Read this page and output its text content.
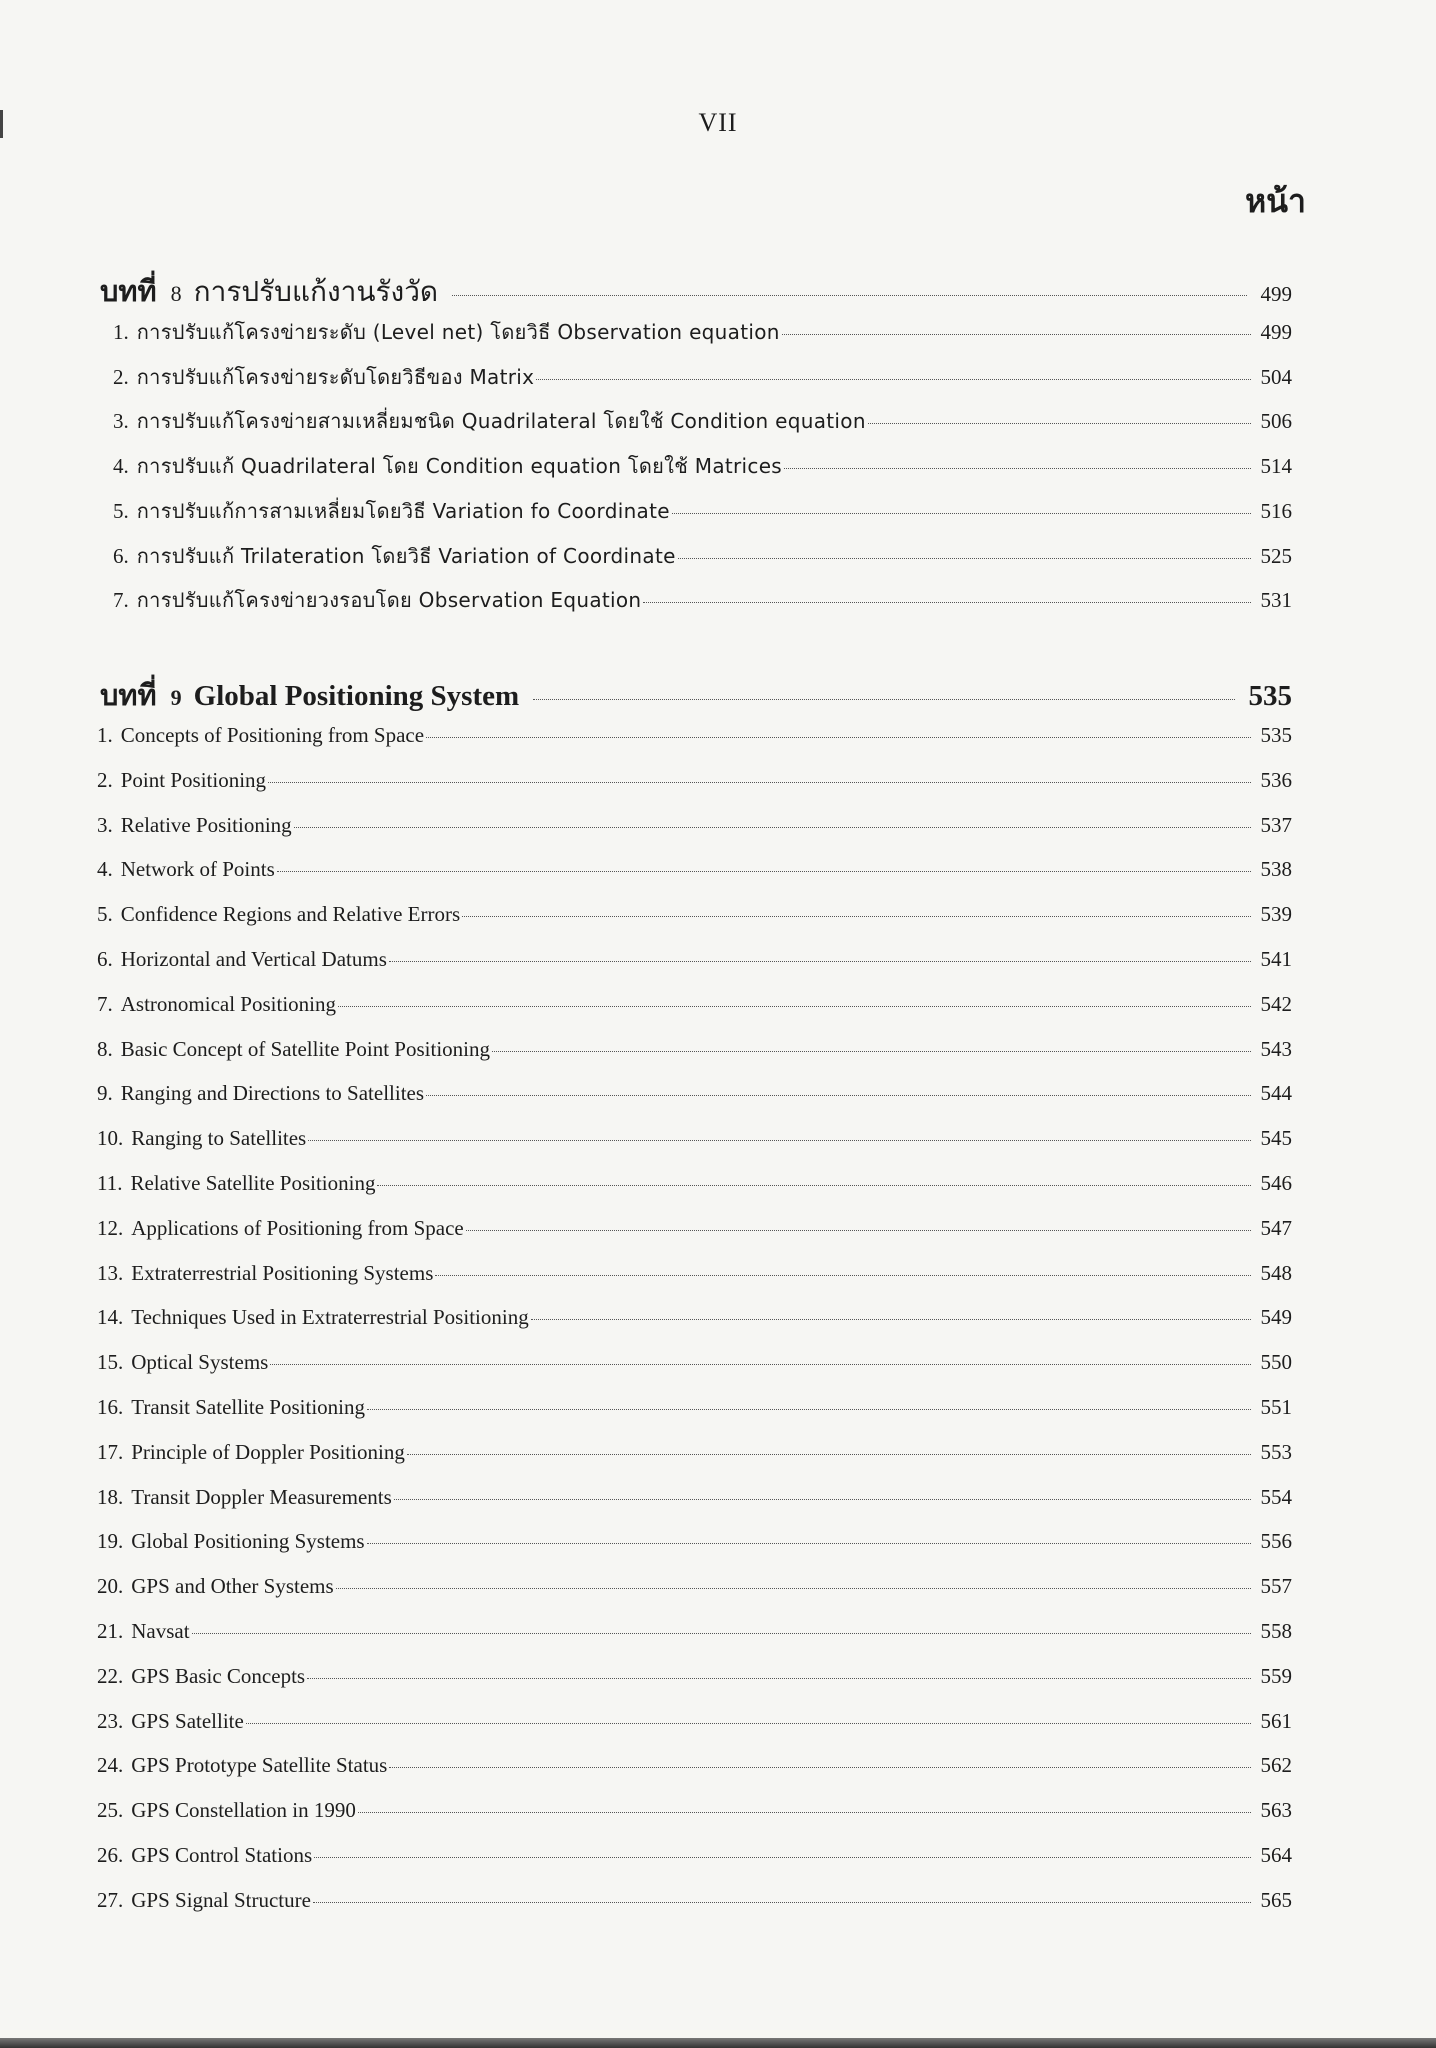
VII
หน้า
บทที่ 8 การปรับแก้งานรังวัด	499
1. การปรับแก้โครงข่ายระดับ (Level net) โดยวิธี Observation equation	499
2. การปรับแก้โครงข่ายระดับโดยวิธีของ Matrix	504
3. การปรับแก้โครงข่ายสามเหลี่ยมชนิด Quadrilateral โดยใช้ Condition equation	506
4. การปรับแก้ Quadrilateral โดย Condition equation โดยใช้ Matrices	514
5. การปรับแก้การสามเหลี่ยมโดยวิธี Variation fo Coordinate	516
6. การปรับแก้ Trilateration โดยวิธี Variation of Coordinate	525
7. การปรับแก้โครงข่ายวงรอบโดย Observation Equation	531
บทที่ 9 Global Positioning System	535
1. Concepts of Positioning from Space	535
2. Point Positioning	536
3. Relative Positioning	537
4. Network of Points	538
5. Confidence Regions and Relative Errors	539
6. Horizontal and Vertical Datums	541
7. Astronomical Positioning	542
8. Basic Concept of Satellite Point Positioning	543
9. Ranging and Directions to Satellites	544
10. Ranging to Satellites	545
11. Relative Satellite Positioning	546
12. Applications of Positioning from Space	547
13. Extraterrestrial Positioning Systems	548
14. Techniques Used in Extraterrestrial Positioning	549
15. Optical Systems	550
16. Transit Satellite Positioning	551
17. Principle of Doppler Positioning	553
18. Transit Doppler Measurements	554
19. Global Positioning Systems	556
20. GPS and Other Systems	557
21. Navsat	558
22. GPS Basic Concepts	559
23. GPS Satellite	561
24. GPS Prototype Satellite Status	562
25. GPS Constellation in 1990	563
26. GPS Control Stations	564
27. GPS Signal Structure	565
